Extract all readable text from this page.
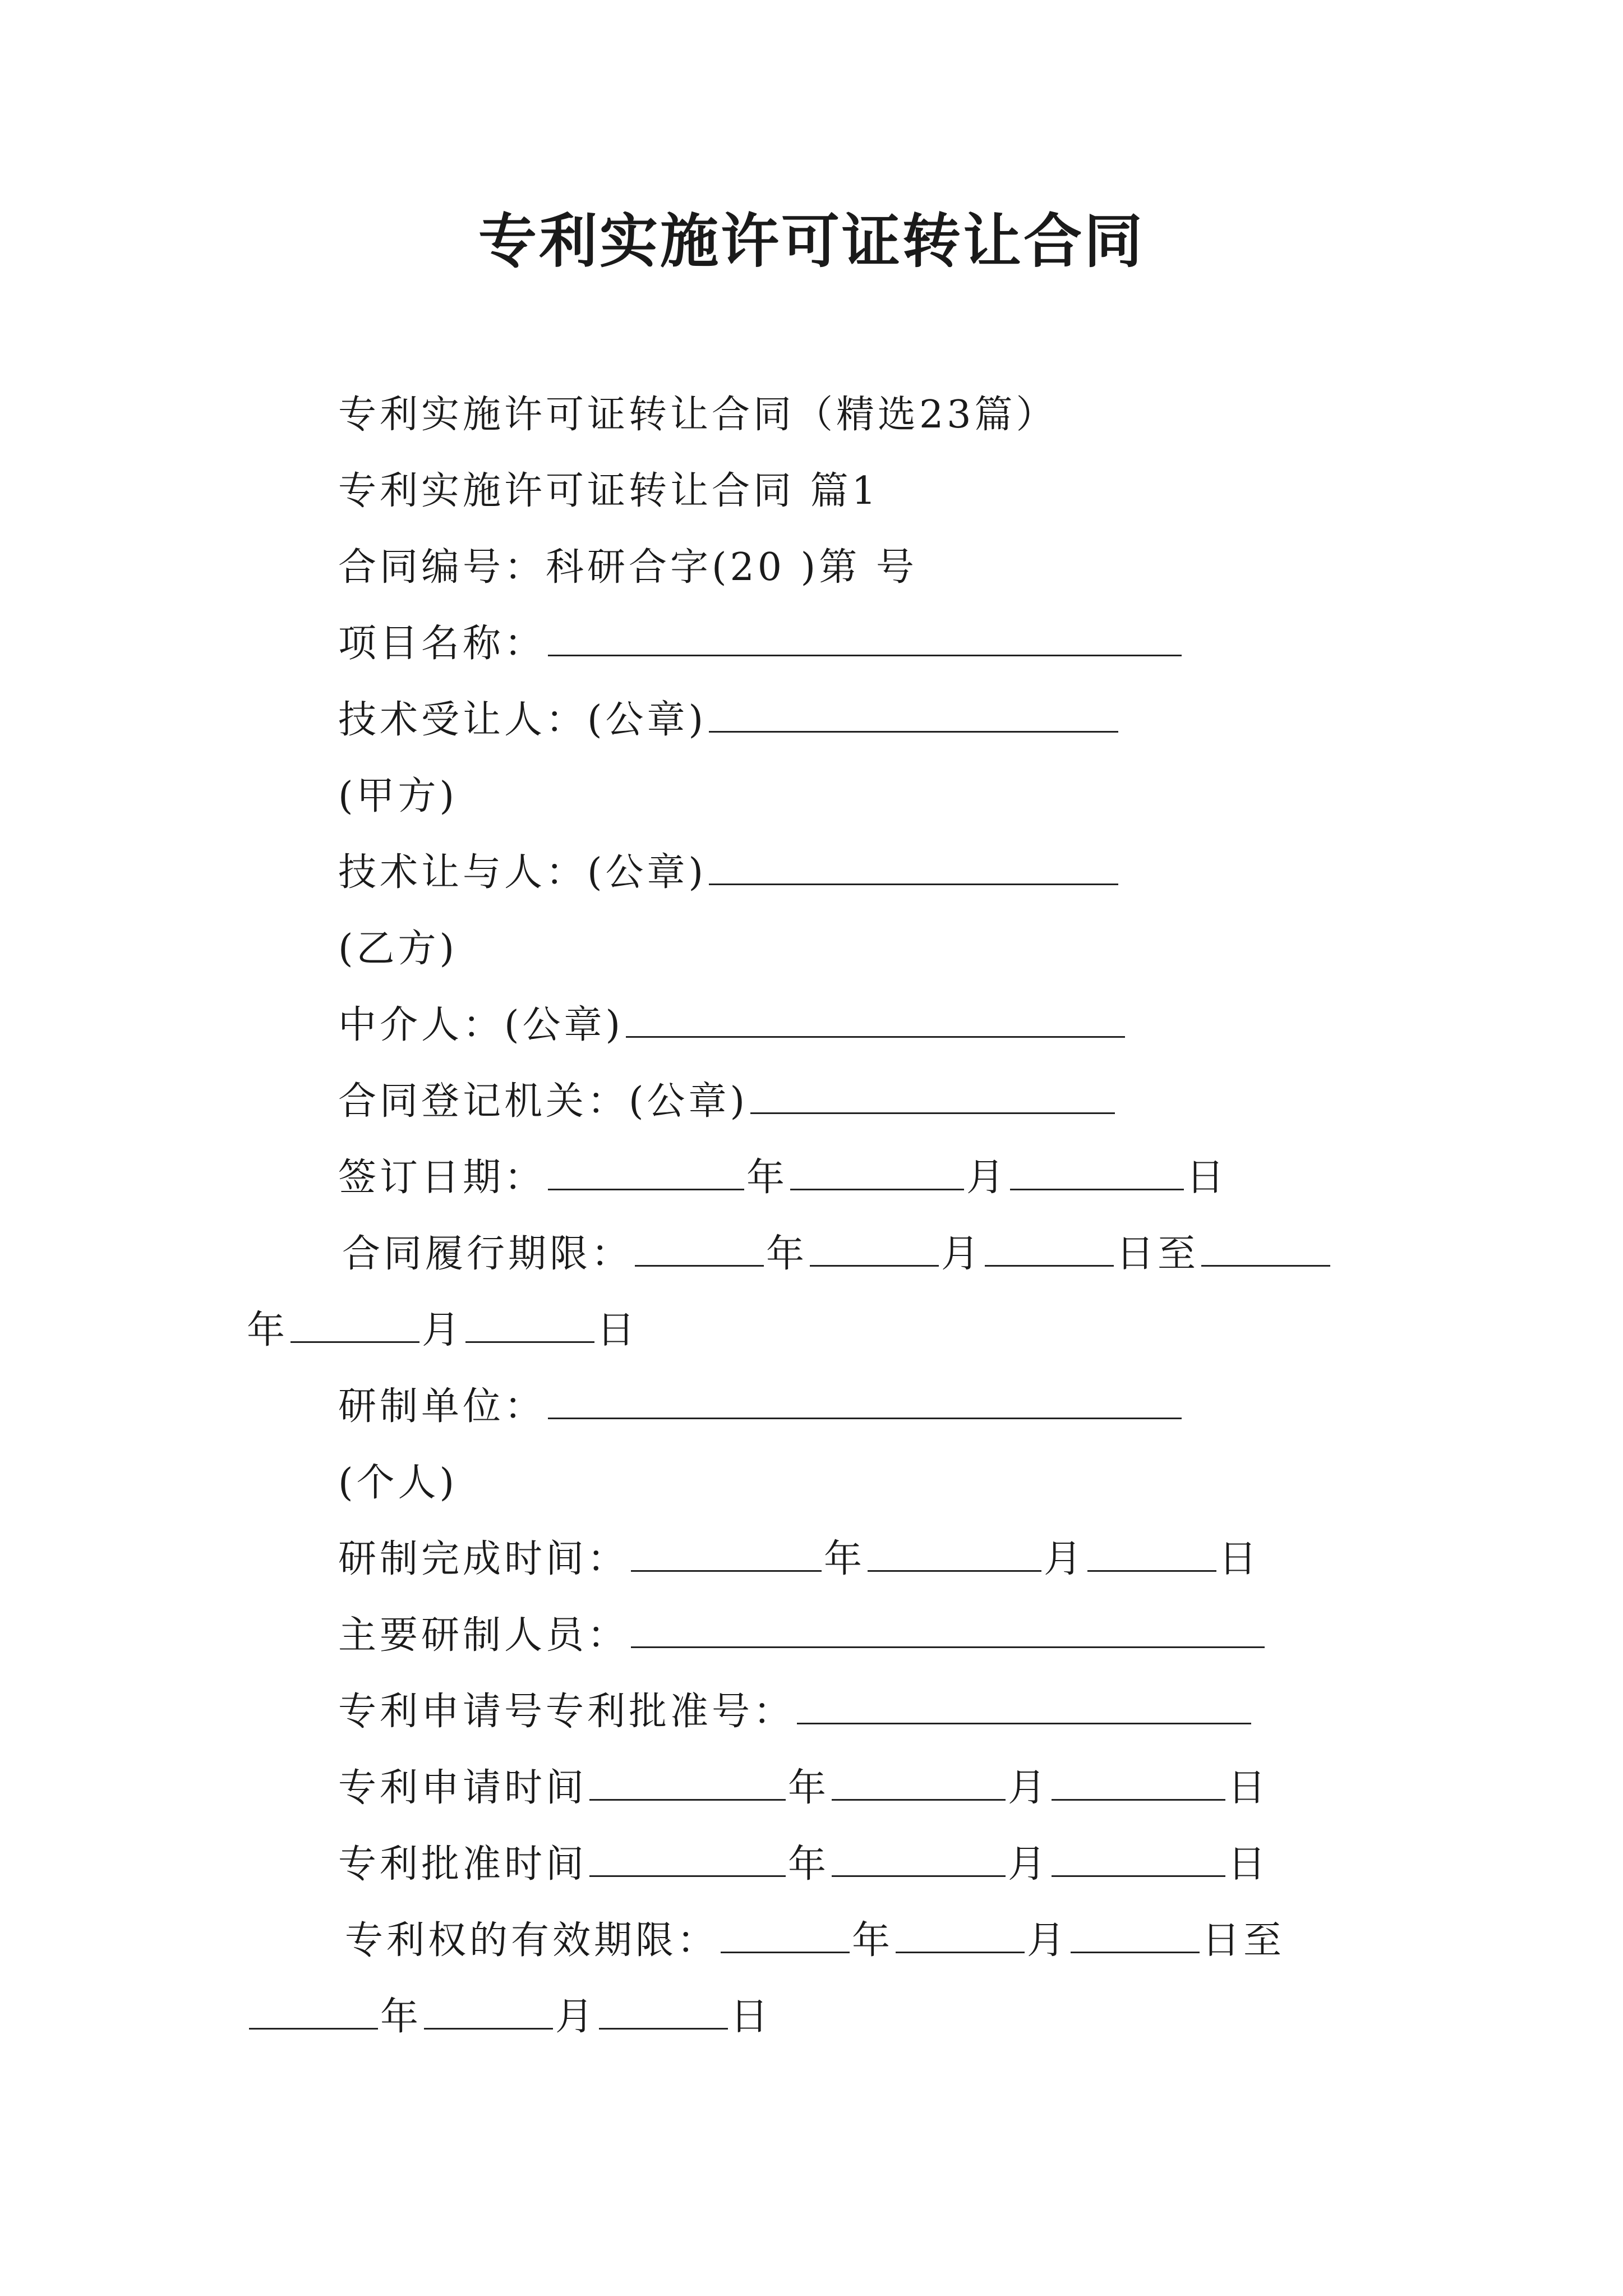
专利实施许可证转让合同
专利实施许可证转让合同（精选23篇）
专利实施许可证转让合同 篇1
合同编号：科研合字(20 )第 号
项目名称：
技术受让人：(公章)
(甲方)
技术让与人：(公章)
(乙方)
中介人：(公章)
合同登记机关：(公章)
签订日期：	年	月	日
合同履行期限：	年	月	日至
年	月	日
研制单位：
(个人)
研制完成时间：	年	月	日
主要研制人员：
专利申请号专利批准号：
专利申请时间	年	月	日
专利批准时间	年	月	日
专利权的有效期限：	年	月	日至
年	月	日
